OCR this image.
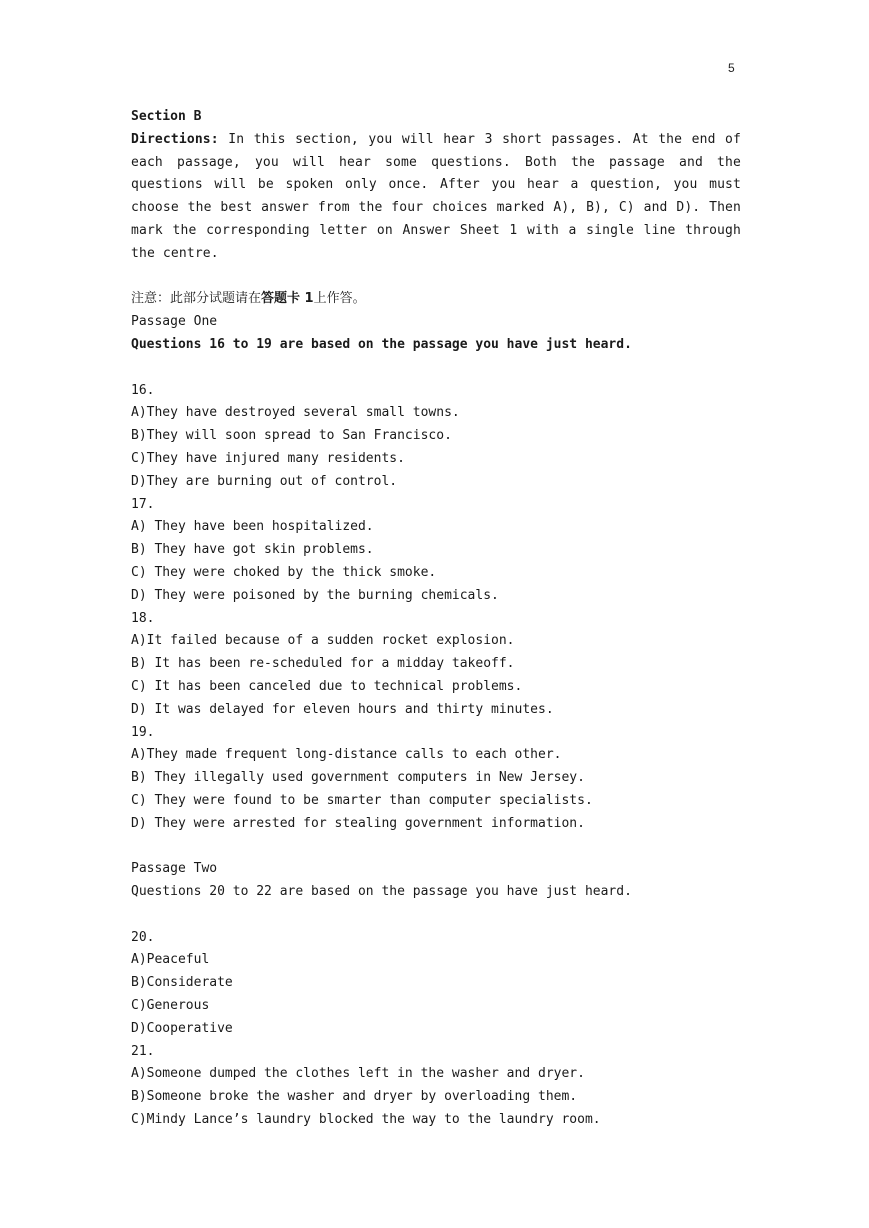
5
Section B
Directions: In this section, you will hear 3 short passages. At the end of each passage, you will hear some questions. Both the passage and the questions will be spoken only once. After you hear a question, you must choose the best answer from the four choices marked A), B), C) and D). Then mark the corresponding letter on Answer Sheet 1 with a single line through the centre.
注意：此部分试题请在答题卡 1上作答。
Passage One
Questions 16 to 19 are based on the passage you have just heard.
16.
A)They have destroyed several small towns.
B)They will soon spread to San Francisco.
C)They have injured many residents.
D)They are burning out of control.
17.
A) They have been hospitalized.
B) They have got skin problems.
C) They were choked by the thick smoke.
D) They were poisoned by the burning chemicals.
18.
A)It failed because of a sudden rocket explosion.
B) It has been re-scheduled for a midday takeoff.
C) It has been canceled due to technical problems.
D) It was delayed for eleven hours and thirty minutes.
19.
A)They made frequent long-distance calls to each other.
B) They illegally used government computers in New Jersey.
C) They were found to be smarter than computer specialists.
D) They were arrested for stealing government information.
Passage Two
Questions 20 to 22 are based on the passage you have just heard.
20.
A)Peaceful
B)Considerate
C)Generous
D)Cooperative
21.
A)Someone dumped the clothes left in the washer and dryer.
B)Someone broke the washer and dryer by overloading them.
C)Mindy Lance’s laundry blocked the way to the laundry room.
